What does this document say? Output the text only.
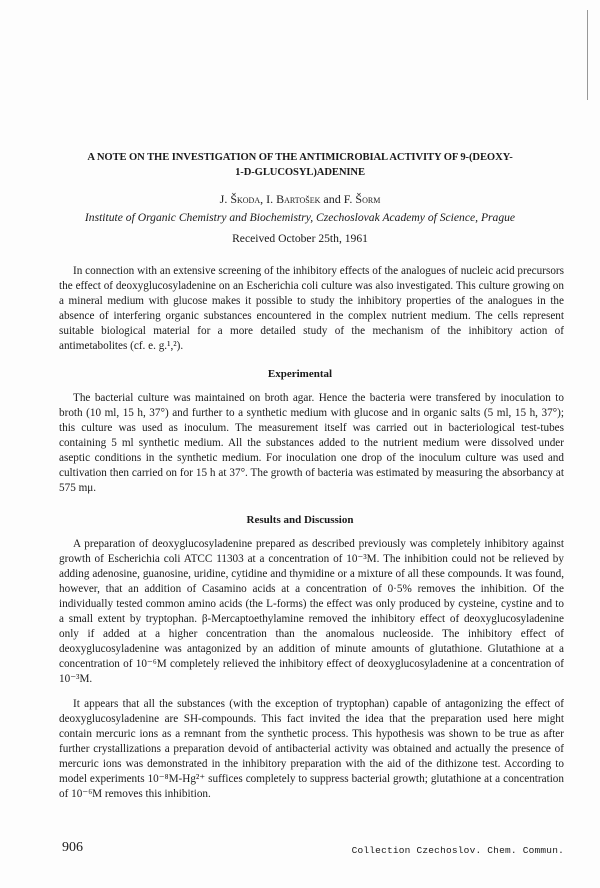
A NOTE ON THE INVESTIGATION OF THE ANTIMICROBIAL ACTIVITY OF 9-(DEOXY-
1-D-GLUCOSYL)ADENINE
J. Škoda, I. Bartošek and F. Šorm
Institute of Organic Chemistry and Biochemistry, Czechoslovak Academy of Science, Prague
Received October 25th, 1961

In connection with an extensive screening of the inhibitory effects of the analogues of nucleic acid precursors the effect of deoxyglucosyladenine on an Escherichia coli culture was also investigated. This culture growing on a mineral medium with glucose makes it possible to study the inhibitory properties of the analogues in the absence of interfering organic substances encountered in the complex nutrient medium. The cells represent suitable biological material for a more detailed study of the mechanism of the inhibitory action of antimetabolites (cf. e. g.¹,²).

Experimental

The bacterial culture was maintained on broth agar. Hence the bacteria were transfered by inoculation to broth (10 ml, 15 h, 37°) and further to a synthetic medium with glucose and in organic salts (5 ml, 15 h, 37°); this culture was used as inoculum. The measurement itself was carried out in bacteriological test-tubes containing 5 ml synthetic medium. All the substances added to the nutrient medium were dissolved under aseptic conditions in the synthetic medium. For inoculation one drop of the inoculum culture was used and cultivation then carried on for 15 h at 37°. The growth of bacteria was estimated by measuring the absorbancy at 575 mμ.

Results and Discussion

A preparation of deoxyglucosyladenine prepared as described previously was completely inhibitory against growth of Escherichia coli ATCC 11303 at a concentration of 10⁻³M. The inhibition could not be relieved by adding adenosine, guanosine, uridine, cytidine and thymidine or a mixture of all these compounds. It was found, however, that an addition of Casamino acids at a concentration of 0·5% removes the inhibition. Of the individually tested common amino acids (the L-forms) the effect was only produced by cysteine, cystine and to a small extent by tryptophan. β-Mercaptoethylamine removed the inhibitory effect of deoxyglucosyladenine only if added at a higher concentration than the anomalous nucleoside. The inhibitory effect of deoxyglucosyladenine was antagonized by an addition of minute amounts of glutathione. Glutathione at a concentration of 10⁻⁶M completely relieved the inhibitory effect of deoxyglucosyladenine at a concentration of 10⁻³M.

It appears that all the substances (with the exception of tryptophan) capable of antagonizing the effect of deoxyglucosyladenine are SH-compounds. This fact invited the idea that the preparation used here might contain mercuric ions as a remnant from the synthetic process. This hypothesis was shown to be true as after further crystallizations a preparation devoid of antibacterial activity was obtained and actually the presence of mercuric ions was demonstrated in the inhibitory preparation with the aid of the dithizone test. According to model experiments 10⁻⁸M-Hg²⁺ suffices completely to suppress bacterial growth; glutathione at a concentration of 10⁻⁶M removes this inhibition.

906	Collection Czechoslov. Chem. Commun.
